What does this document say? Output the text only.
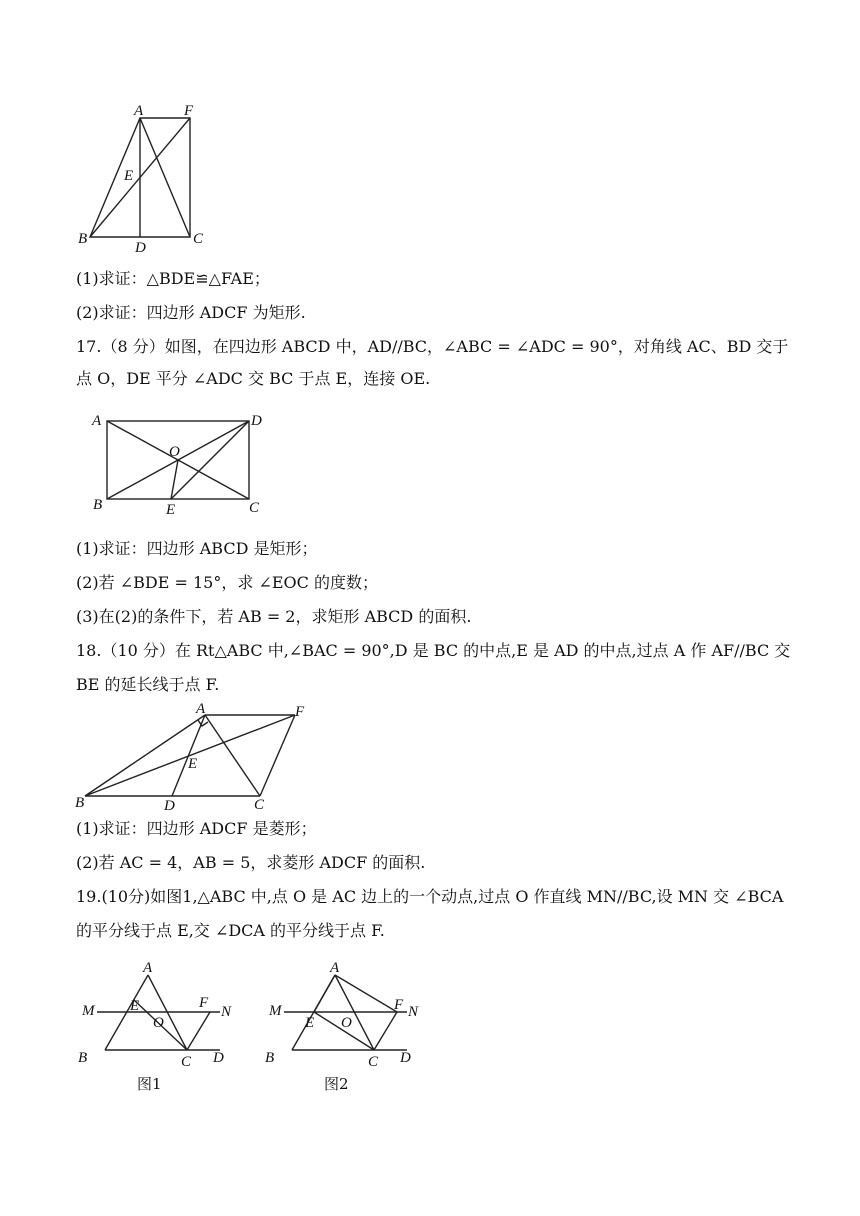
A	F
E
B
D
C
(1)求证：△BDE≌△FAE；
(2)求证：四边形 ADCF 为矩形.
17.（8 分）如图，在四边形 ABCD 中，AD//BC，∠ABC = ∠ADC = 90°，对角线 AC、BD 交于
点 O，DE 平分 ∠ADC 交 BC 于点 E，连接 OE.
A	D
O
B	E	C
(1)求证：四边形 ABCD 是矩形；
(2)若 ∠BDE = 15°，求 ∠EOC 的度数；
(3)在(2)的条件下，若 AB = 2，求矩形 ABCD 的面积.
18.（10 分）在 Rt△ABC 中,∠BAC = 90°,D 是 BC 的中点,E 是 AD 的中点,过点 A 作 AF//BC 交
BE 的延长线于点 F.
A	F
E
B	D	C
(1)求证：四边形 ADCF 是菱形；
(2)若 AC = 4，AB = 5，求菱形 ADCF 的面积.
19.(10分)如图1,△ABC 中,点 O 是 AC 边上的一个动点,过点 O 作直线 MN//BC,设 MN 交 ∠BCA
的平分线于点 E,交 ∠DCA 的平分线于点 F.
A
M E	F
N
O
B	C D
图1
A
M
E
F N
O
B	C D
图2
